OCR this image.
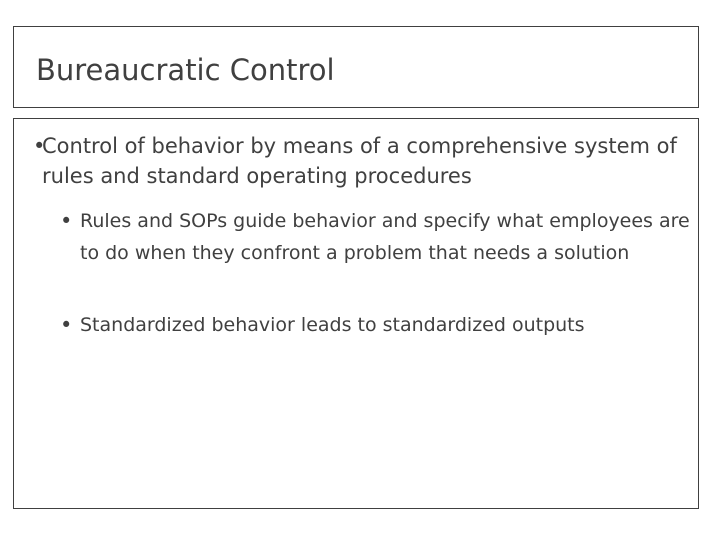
Bureaucratic Control
•
Control of behavior by means of a comprehensive system of rules and standard operating procedures
• Rules and SOPs guide behavior and specify what employees are to do when they confront a problem that needs a solution
• Standardized behavior leads to standardized outputs
